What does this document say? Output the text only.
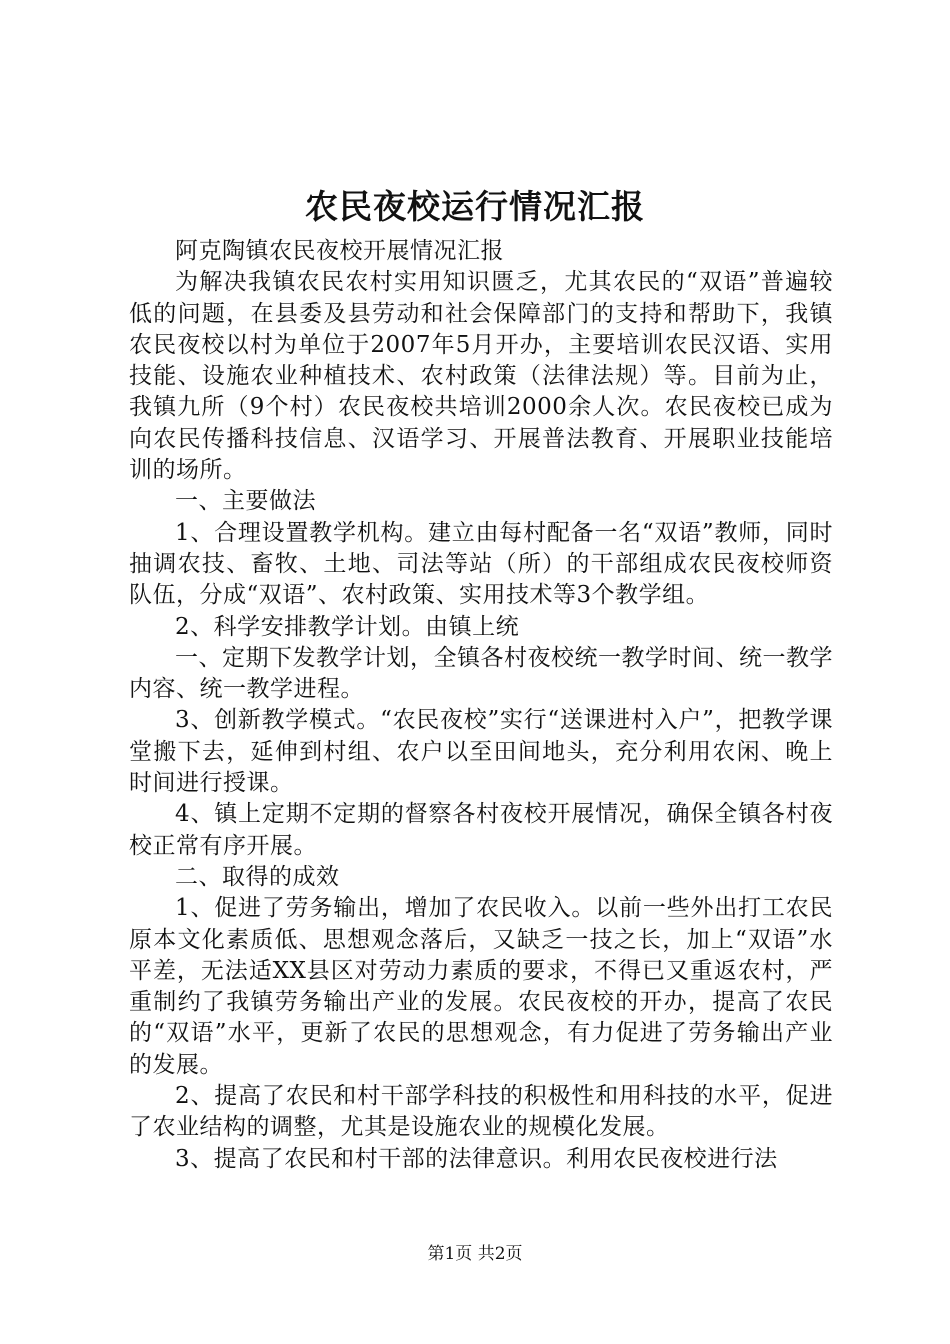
农民夜校运行情况汇报

阿克陶镇农民夜校开展情况汇报

为解决我镇农民农村实用知识匮乏，尤其农民的“双语”普遍较低的问题，在县委及县劳动和社会保障部门的支持和帮助下，我镇农民夜校以村为单位于2007年5月开办，主要培训农民汉语、实用技能、设施农业种植技术、农村政策（法律法规）等。目前为止，我镇九所（9个村）农民夜校共培训2000余人次。农民夜校已成为向农民传播科技信息、汉语学习、开展普法教育、开展职业技能培训的场所。

一、主要做法

1、合理设置教学机构。建立由每村配备一名“双语”教师，同时抽调农技、畜牧、土地、司法等站（所）的干部组成农民夜校师资队伍，分成“双语”、农村政策、实用技术等3个教学组。

2、科学安排教学计划。由镇上统

一、定期下发教学计划，全镇各村夜校统一教学时间、统一教学内容、统一教学进程。

3、创新教学模式。“农民夜校”实行“送课进村入户”，把教学课堂搬下去，延伸到村组、农户以至田间地头，充分利用农闲、晚上时间进行授课。

4、镇上定期不定期的督察各村夜校开展情况，确保全镇各村夜校正常有序开展。

二、取得的成效

1、促进了劳务输出，增加了农民收入。以前一些外出打工农民原本文化素质低、思想观念落后，又缺乏一技之长，加上“双语”水平差，无法适XX县区对劳动力素质的要求，不得已又重返农村，严重制约了我镇劳务输出产业的发展。农民夜校的开办，提高了农民的“双语”水平，更新了农民的思想观念，有力促进了劳务输出产业的发展。

2、提高了农民和村干部学科技的积极性和用科技的水平，促进了农业结构的调整，尤其是设施农业的规模化发展。

3、提高了农民和村干部的法律意识。利用农民夜校进行法

第1页 共2页
